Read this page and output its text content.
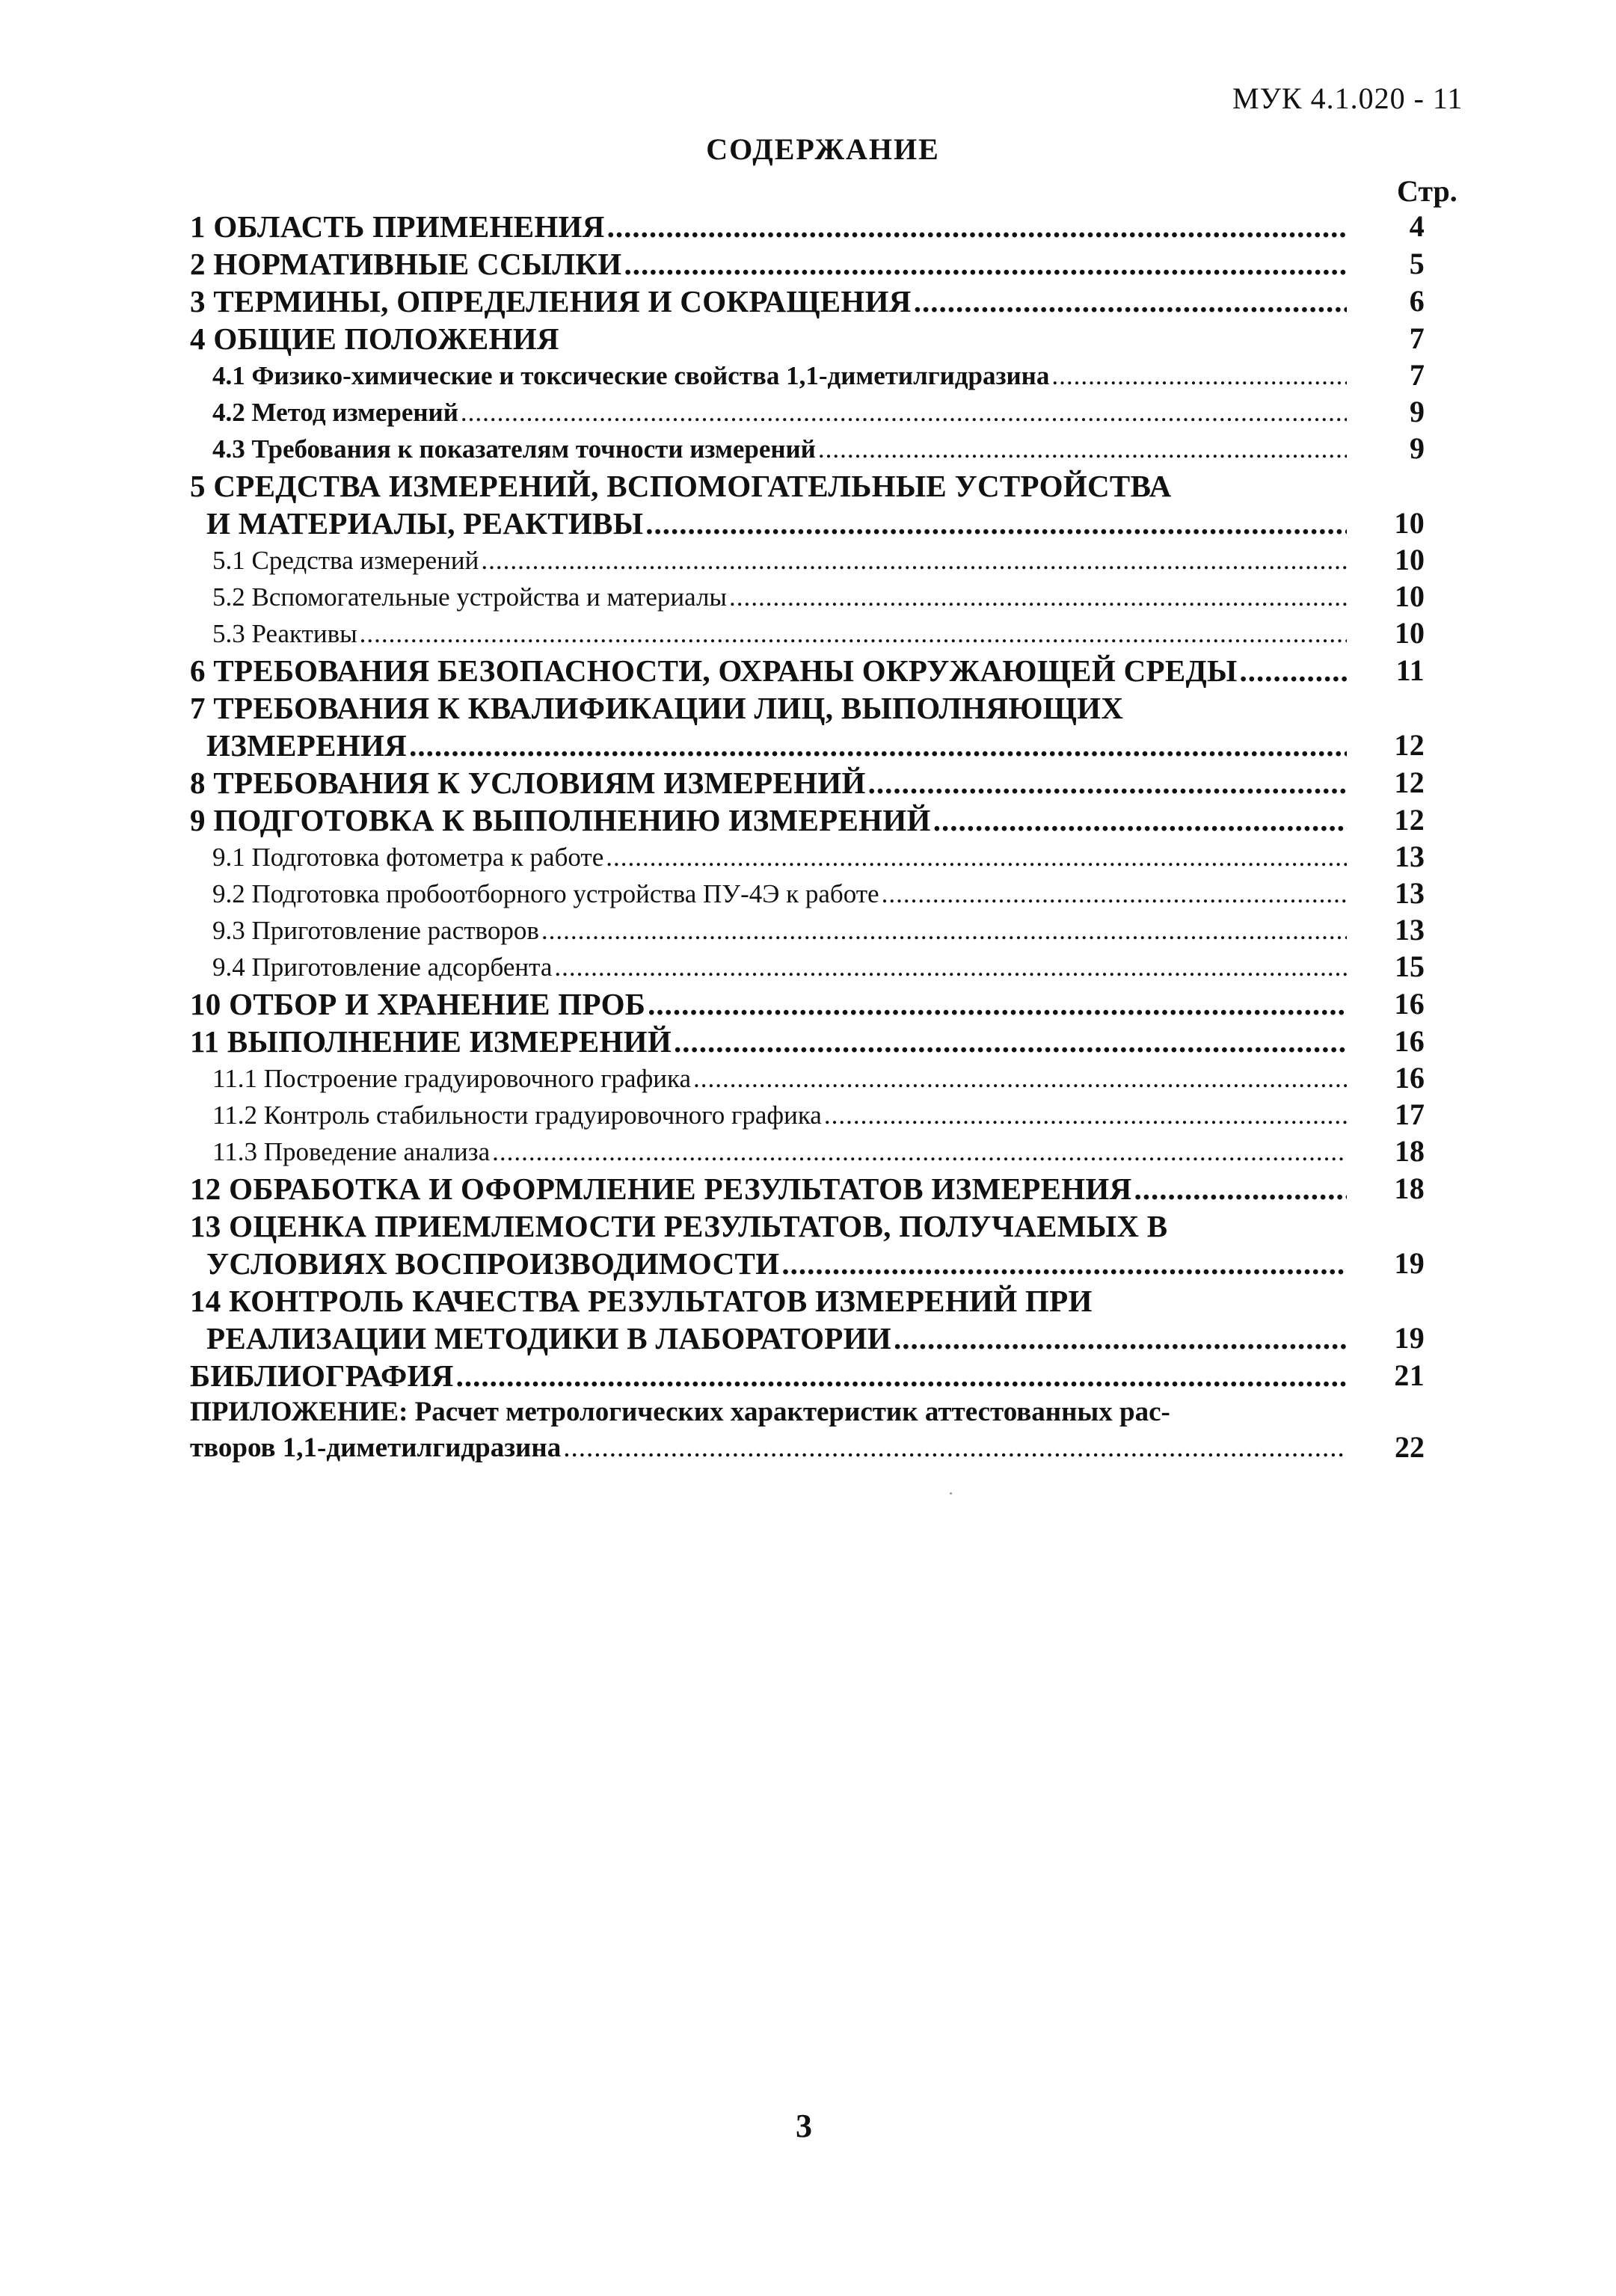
МУК 4.1.020 - 11
СОДЕРЖАНИЕ
Стр.
1 ОБЛАСТЬ ПРИМЕНЕНИЯ .....	4
2 НОРМАТИВНЫЕ ССЫЛКИ .....	5
3 ТЕРМИНЫ, ОПРЕДЕЛЕНИЯ И СОКРАЩЕНИЯ .....	6
4 ОБЩИЕ ПОЛОЖЕНИЯ	7
4.1 Физико-химические и токсические свойства 1,1-диметилгидразина .....	7
4.2 Метод измерений .....	9
4.3 Требования к показателям точности измерений .....	9
5 СРЕДСТВА ИЗМЕРЕНИЙ, ВСПОМОГАТЕЛЬНЫЕ УСТРОЙСТВА
И МАТЕРИАЛЫ, РЕАКТИВЫ .....	10
5.1 Средства измерений .....	10
5.2 Вспомогательные устройства и материалы .....	10
5.3 Реактивы .....	10
6 ТРЕБОВАНИЯ БЕЗОПАСНОСТИ, ОХРАНЫ ОКРУЖАЮЩЕЙ СРЕДЫ .....	11
7 ТРЕБОВАНИЯ К КВАЛИФИКАЦИИ ЛИЦ, ВЫПОЛНЯЮЩИХ
ИЗМЕРЕНИЯ .....	12
8 ТРЕБОВАНИЯ К УСЛОВИЯМ ИЗМЕРЕНИЙ .....	12
9 ПОДГОТОВКА К ВЫПОЛНЕНИЮ ИЗМЕРЕНИЙ .....	12
9.1 Подготовка фотометра к работе .....	13
9.2 Подготовка пробоотборного устройства ПУ-4Э к работе .....	13
9.3 Приготовление растворов .....	13
9.4 Приготовление адсорбента .....	15
10 ОТБОР И ХРАНЕНИЕ ПРОБ .....	16
11 ВЫПОЛНЕНИЕ ИЗМЕРЕНИЙ .....	16
11.1 Построение градуировочного графика .....	16
11.2 Контроль стабильности градуировочного графика .....	17
11.3 Проведение анализа .....	18
12 ОБРАБОТКА И ОФОРМЛЕНИЕ РЕЗУЛЬТАТОВ ИЗМЕРЕНИЯ .....	18
13 ОЦЕНКА ПРИЕМЛЕМОСТИ РЕЗУЛЬТАТОВ, ПОЛУЧАЕМЫХ В
УСЛОВИЯХ ВОСПРОИЗВОДИМОСТИ .....	19
14 КОНТРОЛЬ КАЧЕСТВА РЕЗУЛЬТАТОВ ИЗМЕРЕНИЙ ПРИ
РЕАЛИЗАЦИИ МЕТОДИКИ В ЛАБОРАТОРИИ .....	19
БИБЛИОГРАФИЯ .....	21
ПРИЛОЖЕНИЕ: Расчет метрологических характеристик аттестованных рас-
творов 1,1-диметилгидразина .....	22
3
